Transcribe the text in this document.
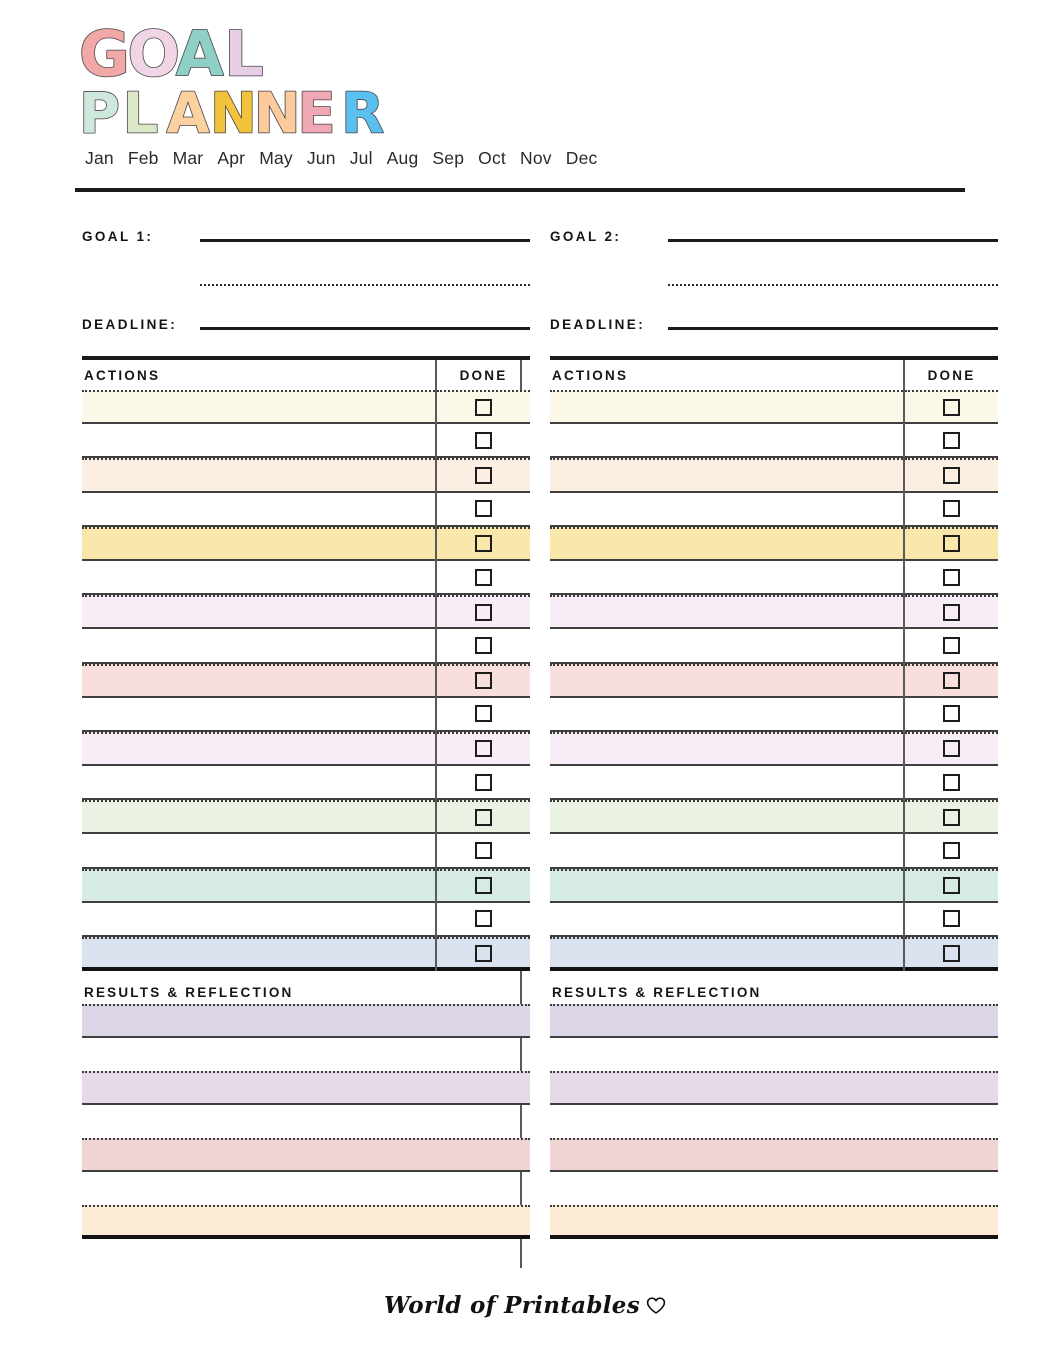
G
O
A L
P L A N
N
E R
Jan Feb Mar Apr May Jun Jul Aug Sep Oct Nov Dec
GOAL 1:
DEADLINE:
ACTIONS	DONE
RESULTS & REFLECTION
GOAL 2:
DEADLINE:
ACTIONS	DONE
RESULTS & REFLECTION
World of Printables
